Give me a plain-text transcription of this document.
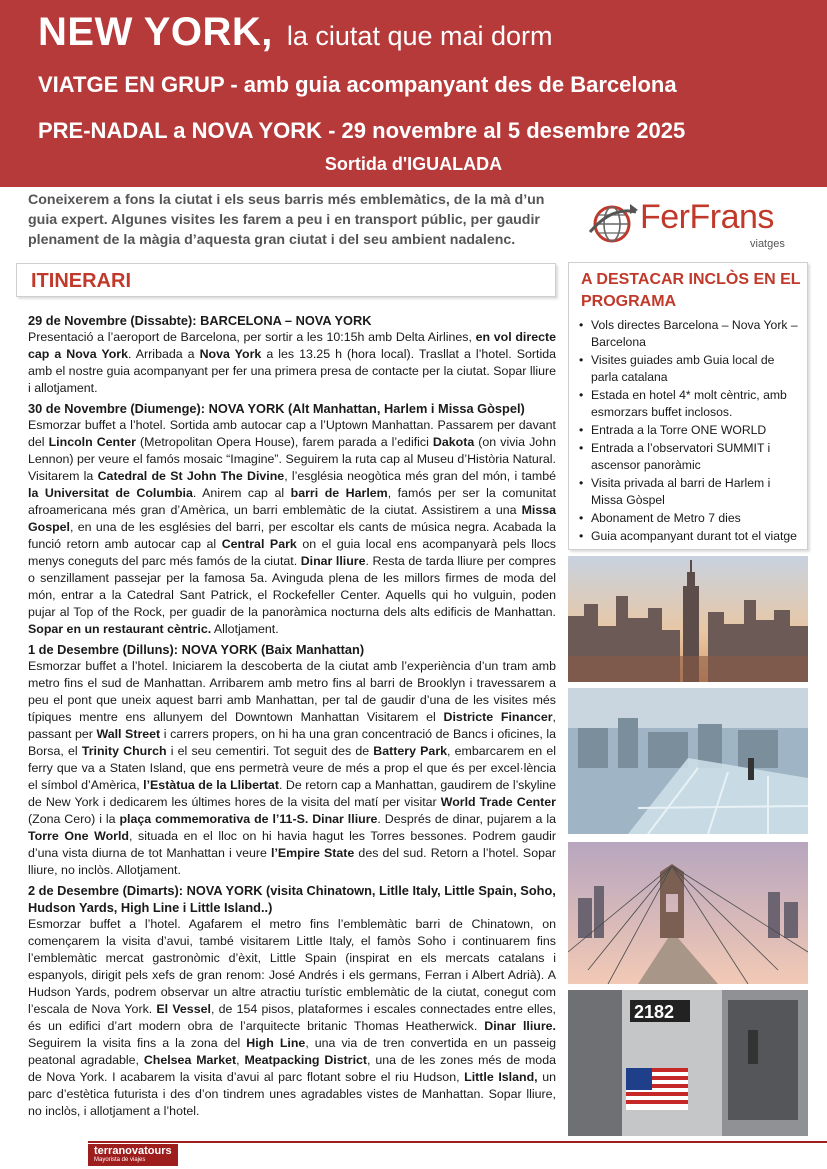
NEW YORK, la ciutat que mai dorm
VIATGE EN GRUP - amb guia acompanyant des de Barcelona
PRE-NADAL a NOVA YORK - 29 novembre al 5 desembre 2025
Sortida d'IGUALADA
Coneixerem a fons la ciutat i els seus barris més emblemàtics, de la mà d’un guia expert. Algunes visites les farem a peu i en transport públic, per gaudir plenament de la màgia d’aquesta gran ciutat i del seu ambient nadalenc.
FerFrans
viatges
ITINERARI
29 de Novembre (Dissabte): BARCELONA – NOVA YORK
Presentació a l’aeroport de Barcelona, per sortir a les 10:15h amb Delta Airlines, en vol directe cap a Nova York. Arribada a Nova York a les 13.25 h (hora local). Trasllat a l’hotel. Sortida amb el nostre guia acompanyant per fer una primera presa de contacte per la ciutat. Sopar lliure i allotjament.
30 de Novembre (Diumenge): NOVA YORK (Alt Manhattan, Harlem i Missa Gòspel)
Esmorzar buffet a l’hotel. Sortida amb autocar cap a l’Uptown Manhattan. Passarem per davant del Lincoln Center (Metropolitan Opera House), farem parada a l’edifici Dakota (on vivia John Lennon) per veure el famós mosaic “Imagine”. Seguirem la ruta cap al Museu d’Història Natural. Visitarem la Catedral de St John The Divine, l’església neogòtica més gran del món, i també la Universitat de Columbia. Anirem cap al barri de Harlem, famós per ser la comunitat afroamericana més gran d’Amèrica, un barri emblemàtic de la ciutat. Assistirem a una Missa Gospel, en una de les esglésies del barri, per escoltar els cants de música negra. Acabada la funció retorn amb autocar cap al Central Park on el guia local ens acompanyarà pels llocs menys coneguts del parc més famós de la ciutat. Dinar lliure. Resta de tarda lliure per compres o senzillament passejar per la famosa 5a. Avinguda plena de les millors firmes de moda del món, entrar a la Catedral Sant Patrick, el Rockefeller Center. Aquells qui ho vulguin, poden pujar al Top of the Rock, per guadir de la panoràmica nocturna dels alts edificis de Manhattan. Sopar en un restaurant cèntric. Allotjament.
1 de Desembre (Dilluns): NOVA YORK (Baix Manhattan)
Esmorzar buffet a l’hotel. Iniciarem la descoberta de la ciutat amb l’experiència d’un tram amb metro fins el sud de Manhattan. Arribarem amb metro fins al barri de Brooklyn i travessarem a peu el pont que uneix aquest barri amb Manhattan, per tal de gaudir d’una de les visites més típiques mentre ens allunyem del Downtown Manhattan Visitarem el Districte Financer, passant per Wall Street i carrers propers, on hi ha una gran concentració de Bancs i oficines, la Borsa, el Trinity Church i el seu cementiri. Tot seguit des de Battery Park, embarcarem en el ferry que va a Staten Island, que ens permetrà veure de més a prop el que és per excel·lència el símbol d’Amèrica, l’Estàtua de la Llibertat. De retorn cap a Manhattan, gaudirem de l’skyline de New York i dedicarem les últimes hores de la visita del matí per visitar World Trade Center (Zona Cero) i la plaça commemorativa de l’11-S. Dinar lliure. Després de dinar, pujarem a la Torre One World, situada en el lloc on hi havia hagut les Torres bessones. Podrem gaudir d’una vista diurna de tot Manhattan i veure l’Empire State des del sud. Retorn a l’hotel. Sopar lliure, no inclòs. Allotjament.
2 de Desembre (Dimarts): NOVA YORK (visita Chinatown, Litlle Italy, Little Spain, Soho, Hudson Yards, High Line i Little Island..)
Esmorzar buffet a l’hotel. Agafarem el metro fins l’emblemàtic barri de Chinatown, on començarem la visita d’avui, també visitarem Little Italy, el famòs Soho i continuarem fins l’emblemàtic mercat gastronòmic d’èxit, Little Spain (inspirat en els mercats catalans i espanyols, dirigit pels xefs de gran renom: José Andrés i els germans, Ferran i Albert Adrià). A Hudson Yards, podrem observar un altre atractiu turístic emblemàtic de la ciutat, conegut com l’escala de Nova York. El Vessel, de 154 pisos, plataformes i escales connectades entre elles, és un edifici d’art modern obra de l’arquitecte britanic Thomas Heatherwick. Dinar lliure. Seguirem la visita fins a la zona del High Line, una via de tren convertida en un passeig peatonal agradable, Chelsea Market, Meatpacking District, una de les zones més de moda de Nova York. I acabarem la visita d’avui al parc flotant sobre el riu Hudson, Little Island, un parc d’estètica futurista i des d’on tindrem unes agradables vistes de Manhattan. Sopar lliure, no inclòs, i allotjament a l’hotel.
A DESTACAR INCLÒS EN EL PROGRAMA
• Vols directes Barcelona – Nova York – Barcelona
• Visites guiades amb Guia local de parla catalana
• Estada en hotel 4* molt cèntric, amb esmorzars buffet inclosos.
• Entrada a la Torre ONE WORLD
• Entrada a l’observatori SUMMIT i ascensor panoràmic
• Visita privada al barri de Harlem i Missa Gòspel
• Abonament de Metro 7 dies
• Guia acompanyant durant tot el viatge
2182
terranovatours
Mayorista de viajes
